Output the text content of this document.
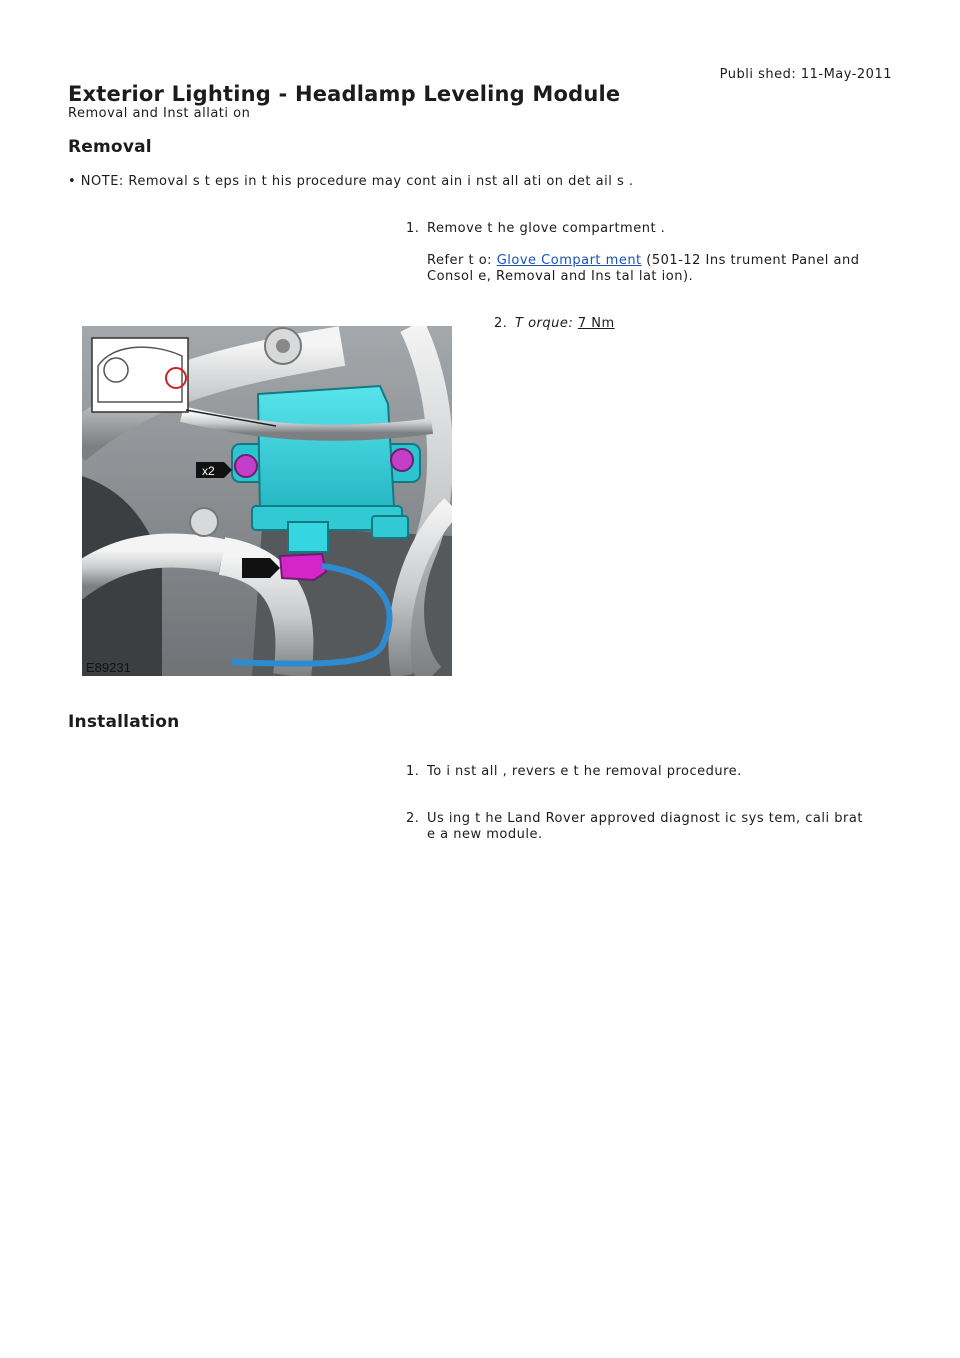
Publi shed: 11-May-2011
Exterior Lighting - Headlamp Leveling Module
Removal and Inst allati on
Removal
• NOTE: Removal s t eps in t his procedure may cont ain i nst all ati on det ail s .
1. Remove t he glove compartment .

Refer t o: Glove Compart ment (501-12 Ins trument Panel and Consol e, Removal and Ins tal lat ion).

2. T orque: 7 Nm

x2
E89231
Installation
1. To i nst all , revers e t he removal procedure.

2. Us ing t he Land Rover approved diagnost ic sys tem, cali brat e a new module.
